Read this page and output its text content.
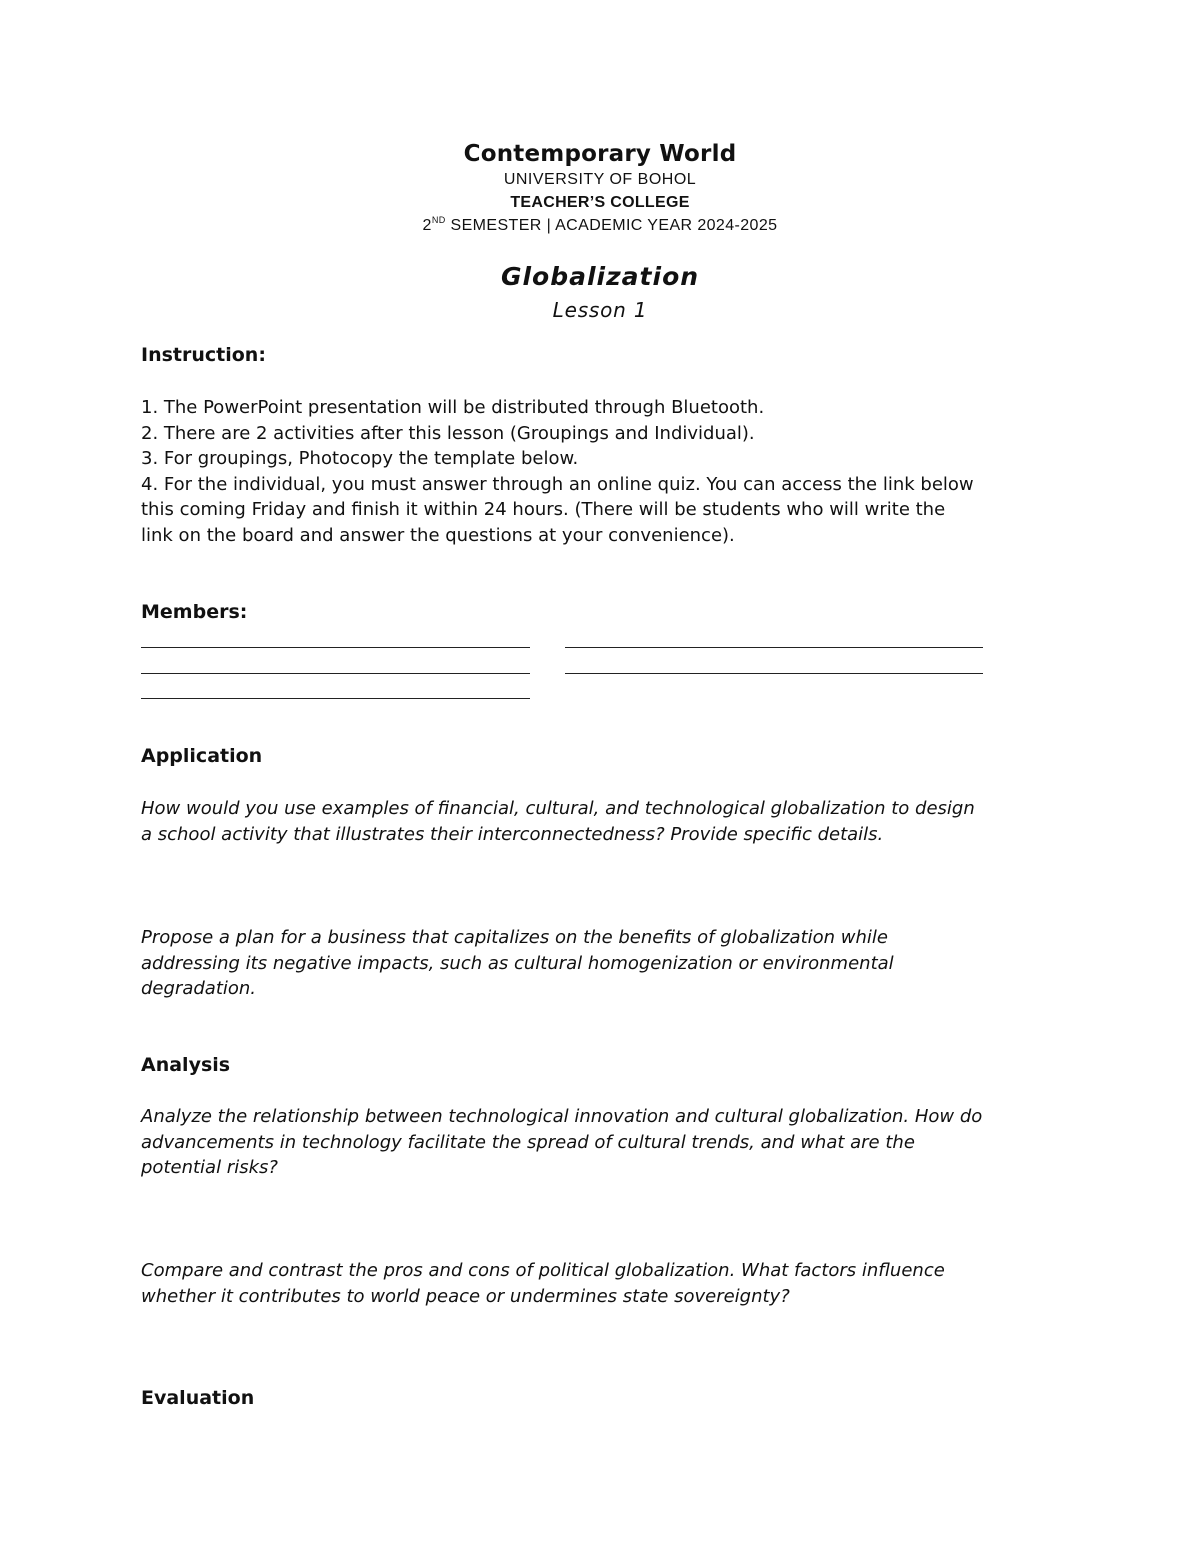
Contemporary World
UNIVERSITY OF BOHOL
TEACHER’S COLLEGE
2ND SEMESTER | ACADEMIC YEAR 2024-2025
Globalization
Lesson 1
Instruction:
1. The PowerPoint presentation will be distributed through Bluetooth.
2. There are 2 activities after this lesson (Groupings and Individual).
3. For groupings, Photocopy the template below.
4. For the individual, you must answer through an online quiz. You can access the link below
this coming Friday and finish it within 24 hours. (There will be students who will write the
link on the board and answer the questions at your convenience).
Members:
Application
How would you use examples of financial, cultural, and technological globalization to design
a school activity that illustrates their interconnectedness? Provide specific details.
Propose a plan for a business that capitalizes on the benefits of globalization while
addressing its negative impacts, such as cultural homogenization or environmental
degradation.
Analysis
Analyze the relationship between technological innovation and cultural globalization. How do
advancements in technology facilitate the spread of cultural trends, and what are the
potential risks?
Compare and contrast the pros and cons of political globalization. What factors influence
whether it contributes to world peace or undermines state sovereignty?
Evaluation
